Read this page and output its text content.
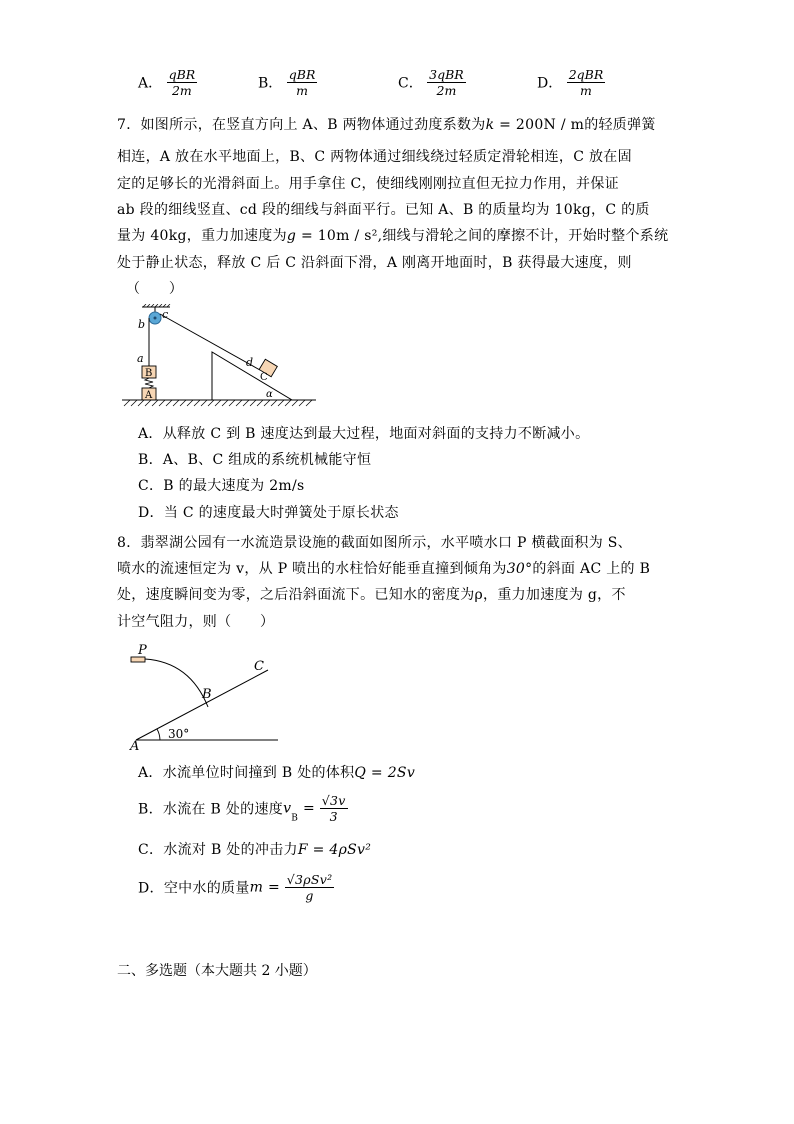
A． $\frac{\text{qBR}}{2m}$	B． $\frac{\text{qBR}}{m}$	C． $\frac{\text{3qBR}}{2m}$	D． $\frac{\text{2qBR}}{m}$
7．如图所示，在竖直方向上 A、B 两物体通过劲度系数为k = 200N / m的轻质弹簧
相连，A 放在水平地面上，B、C 两物体通过细线绕过轻质定滑轮相连，C 放在固
定的足够长的光滑斜面上。用手拿住 C，使细线刚刚拉直但无拉力作用，并保证
ab 段的细线竖直、cd 段的细线与斜面平行。已知 A、B 的质量均为 10kg，C 的质
量为 40kg，重力加速度为g = 10m / s²,细线与滑轮之间的摩擦不计，开始时整个系统
处于静止状态，释放 C 后 C 沿斜面下滑，A 刚离开地面时，B 获得最大速度，则
（　　）
b
c
a
B
A
d
C
α
A．从释放 C 到 B 速度达到最大过程，地面对斜面的支持力不断减小。
B．A、B、C 组成的系统机械能守恒
C．B 的最大速度为 2m/s
D．当 C 的速度最大时弹簧处于原长状态
8．翡翠湖公园有一水流造景设施的截面如图所示，水平喷水口 P 横截面积为 S、
喷水的流速恒定为 v，从 P 喷出的水柱恰好能垂直撞到倾角为30°的斜面 AC 上的 B
处，速度瞬间变为零，之后沿斜面流下。已知水的密度为ρ，重力加速度为 g，不
计空气阻力，则（　　）
P
B
C
A
30°
A．水流单位时间撞到 B 处的体积Q = 2Sv
B．水流在 B 处的速度$v_B = \frac{√3v}{3}$
C．水流对 B 处的冲击力F = 4ρSv²
D．空中水的质量$m = \frac{\text{√3ρSv²}}{g}$
二、多选题（本大题共 2 小题）
